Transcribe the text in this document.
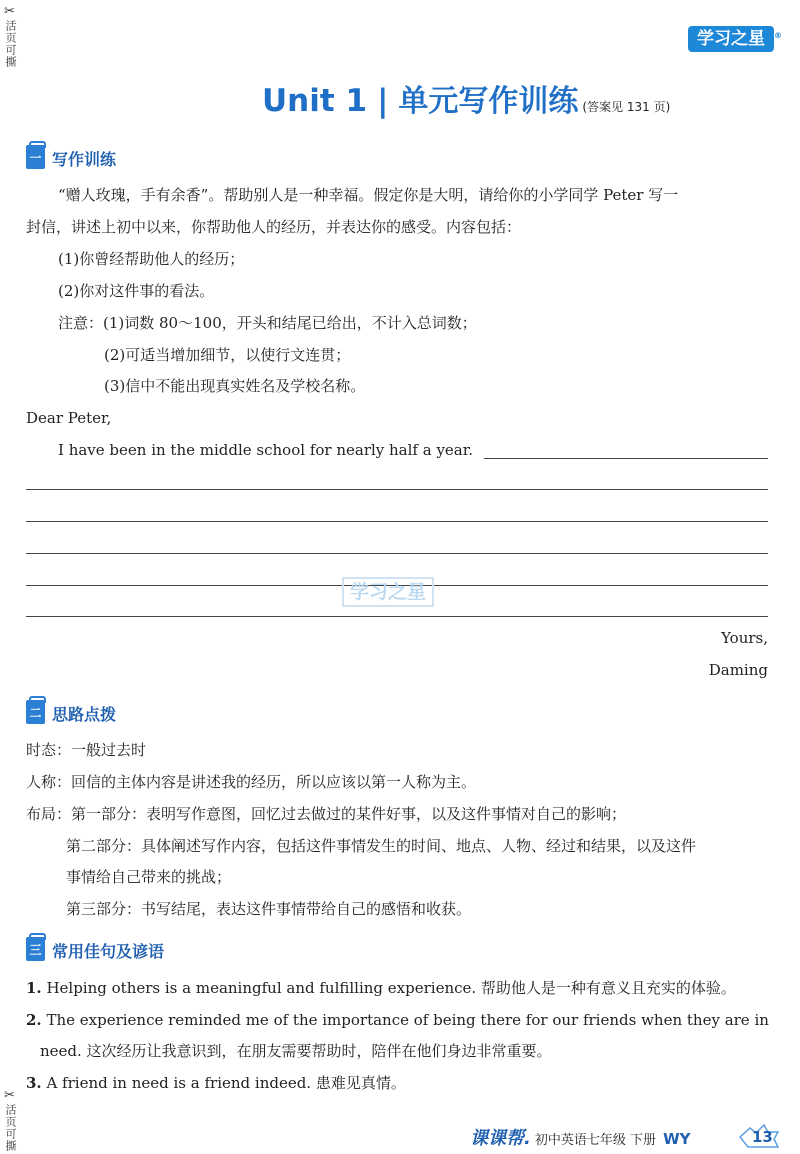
✂
活页可撕
✂
活页可撕
学习之星 ®
Unit 1 | 单元写作训练 (答案见 131 页)
一 写作训练
“赠人玫瑰，手有余香”。帮助别人是一种幸福。假定你是大明，请给你的小学同学 Peter 写一
封信，讲述上初中以来，你帮助他人的经历，并表达你的感受。内容包括：
(1)你曾经帮助他人的经历；
(2)你对这件事的看法。
注意：(1)词数 80～100，开头和结尾已给出，不计入总词数；
(2)可适当增加细节，以使行文连贯；
(3)信中不能出现真实姓名及学校名称。
Dear Peter,
I have been in the middle school for nearly half a year.
学习之星
Yours,
Daming
二 思路点拨
时态：一般过去时
人称：回信的主体内容是讲述我的经历，所以应该以第一人称为主。
布局：第一部分：表明写作意图，回忆过去做过的某件好事，以及这件事情对自己的影响；
第二部分：具体阐述写作内容，包括这件事情发生的时间、地点、人物、经过和结果，以及这件
事情给自己带来的挑战；
第三部分：书写结尾，表达这件事情带给自己的感悟和收获。
三 常用佳句及谚语
1. Helping others is a meaningful and fulfilling experience. 帮助他人是一种有意义且充实的体验。
2. The experience reminded me of the importance of being there for our friends when they are in
need. 这次经历让我意识到，在朋友需要帮助时，陪伴在他们身边非常重要。
3. A friend in need is a friend indeed. 患难见真情。
课课帮. 初中英语七年级 下册 WY	13
